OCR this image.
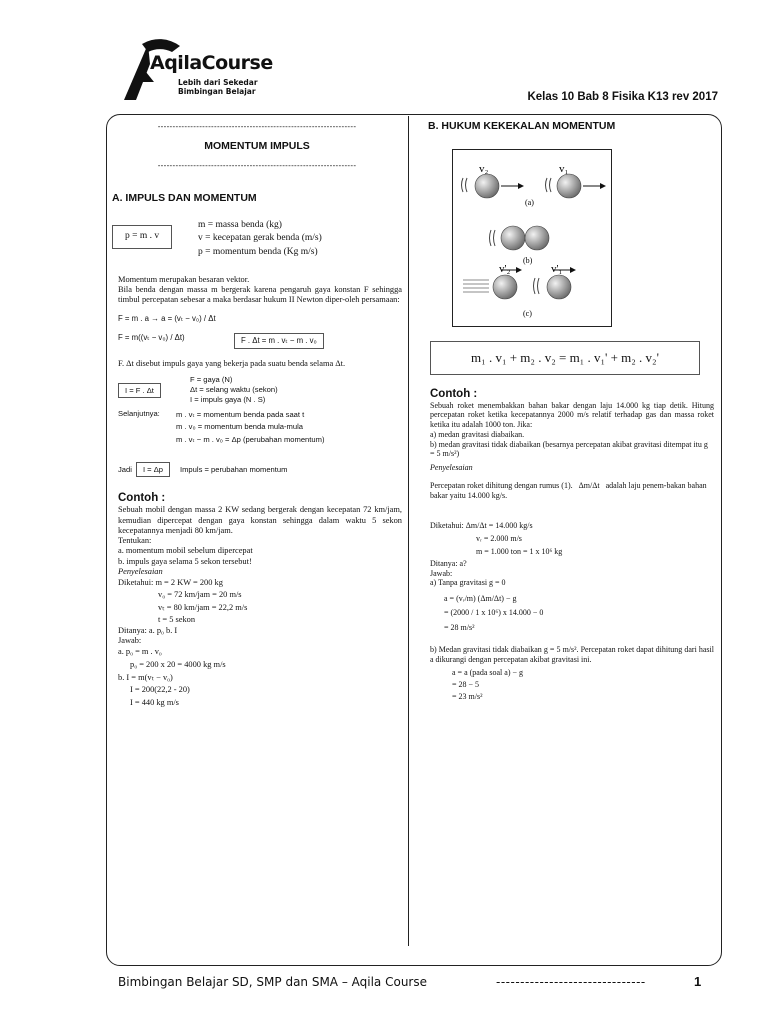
AqilaCourse
Lebih dari Sekedar
Bimbingan Belajar	Kelas 10 Bab 8 Fisika K13 rev 2017
-------------------------------------------------------------------
MOMENTUM IMPULS
-------------------------------------------------------------------
A. IMPULS DAN MOMENTUM
p = m . v
m = massa benda (kg)
v = kecepatan gerak benda (m/s)
p = momentum benda (Kg m/s)
Momentum merupakan besaran vektor.
Bila benda dengan massa m bergerak karena pengaruh gaya konstan F sehingga timbul percepatan sebesar a maka berdasar hukum II Newton diper-oleh persamaan:
F = m . a → a = (vₜ − v₀) / Δt
F = m((vₜ − v₀) / Δt)	F . Δt = m . vₜ − m . v₀
F. Δt disebut impuls gaya yang bekerja pada suatu benda selama Δt.
I = F . Δt
F = gaya (N)
Δt = selang waktu (sekon)
I = impuls gaya (N . S)
Selanjutnya:	m . vₜ = momentum benda pada saat t
m . v₀ = momentum benda mula-mula
m . vₜ − m . v₀ = Δp (perubahan momentum)
Jadi	I = Δp	Impuls = perubahan momentum
Contoh :
Sebuah mobil dengan massa 2 KW sedang bergerak dengan kecepatan 72 km/jam, kemudian dipercepat dengan gaya konstan sehingga dalam waktu 5 sekon kecepatannya menjadi 80 km/jam.
Tentukan:
a. momentum mobil sebelum dipercepat
b. impuls gaya selama 5 sekon tersebut!
Penyelesaian
Diketahui: m = 2 KW = 200 kg
v₀ = 72 km/jam = 20 m/s
vₜ = 80 km/jam = 22,2 m/s
t = 5 sekon
Ditanya: a. p₀ b. I
Jawab:
a. p₀ = m . v₀
p₀ = 200 x 20 = 4000 kg m/s
b. I = m(vₜ − v₀)
I = 200(22,2 - 20)
I = 440 kg m/s
B. HUKUM KEKEKALAN MOMENTUM
v₂	v₁
(a)
(b)
v'₂	v'₁
(c)
m₁ . v₁ + m₂ . v₂ = m₁ . v₁' + m₂ . v₂'
Contoh :
Sebuah roket menembakkan bahan bakar dengan laju 14.000 kg tiap detik. Hitung percepatan roket ketika kecepatannya 2000 m/s relatif terhadap gas dan massa roket ketika itu adalah 1000 ton. Jika:
a) medan gravitasi diabaikan.
b) medan gravitasi tidak diabaikan (besarnya percepatan akibat gravitasi ditempat itu g = 5 m/s²)
Penyelesaian
Percepatan roket dihitung dengan rumus (1). Δm/Δt adalah laju penem-bakan bahan bakar yaitu 14.000 kg/s.
Diketahui: Δm/Δt = 14.000 kg/s
vᵣ = 2.000 m/s
m = 1.000 ton = 1 x 10⁶ kg
Ditanya: a?
Jawab:
a) Tanpa gravitasi g = 0
a = (vᵣ/m) (Δm/Δt) − g
= (2000 / 1 x 10⁶) x 14.000 − 0
= 28 m/s²
b) Medan gravitasi tidak diabaikan g = 5 m/s². Percepatan roket dapat dihitung dari hasil a dikurangi dengan percepatan akibat gravitasi ini.
a = a (pada soal a) − g
= 28 − 5
= 23 m/s²
Bimbingan Belajar SD, SMP dan SMA – Aqila Course	-------------------------------	1
